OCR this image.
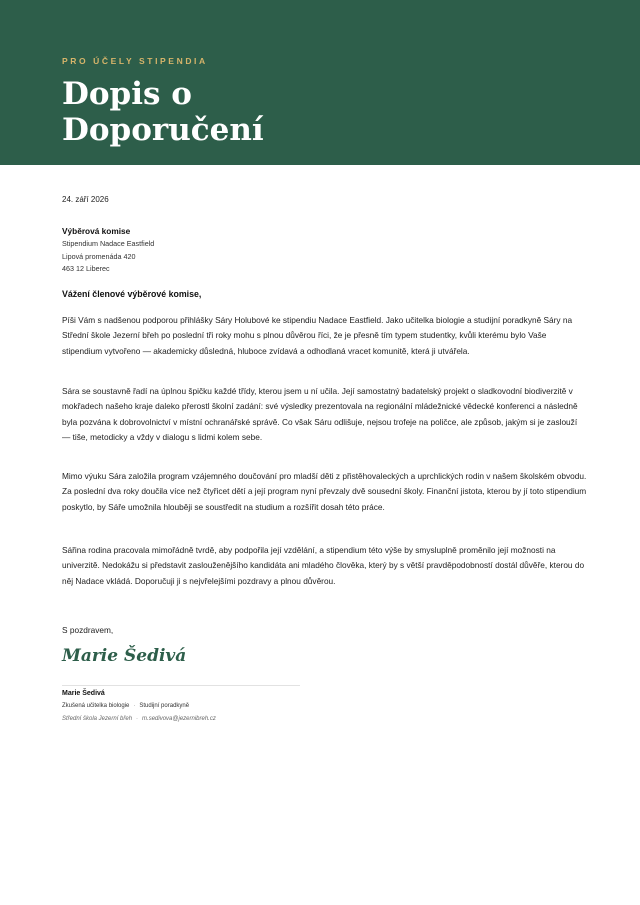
PRO ÚČELY STIPENDIA
Dopis o
Doporučení
24. září 2026
Výběrová komise
Stipendium Nadace Eastfield
Lipová promenáda 420
463 12 Liberec
Vážení členové výběrové komise,

Píši Vám s nadšenou podporou přihlášky Sáry Holubové ke stipendiu Nadace Eastfield. Jako učitelka biologie a studijní poradkyně Sáry na Střední škole Jezerní břeh po poslední tři roky mohu s plnou důvěrou říci, že je přesně tím typem studentky, kvůli kterému bylo Vaše stipendium vytvořeno — akademicky důsledná, hluboce zvídavá a odhodlaná vracet komunitě, která ji utvářela.

Sára se soustavně řadí na úplnou špičku každé třídy, kterou jsem u ní učila. Její samostatný badatelský projekt o sladkovodní biodiverzitě v mokřadech našeho kraje daleko přerostl školní zadání: své výsledky prezentovala na regionální mládežnické vědecké konferenci a následně byla pozvána k dobrovolnictví v místní ochranářské správě. Co však Sáru odlišuje, nejsou trofeje na poličce, ale způsob, jakým si je zaslouží — tiše, metodicky a vždy v dialogu s lidmi kolem sebe.

Mimo výuku Sára založila program vzájemného doučování pro mladší děti z přistěhovaleckých a uprchlických rodin v našem školském obvodu. Za poslední dva roky doučila více než čtyřicet dětí a její program nyní převzaly dvě sousední školy. Finanční jistota, kterou by jí toto stipendium poskytlo, by Sáře umožnila hlouběji se soustředit na studium a rozšířit dosah této práce.

Sářina rodina pracovala mimořádně tvrdě, aby podpořila její vzdělání, a stipendium této výše by smysluplně proměnilo její možnosti na univerzitě. Nedokážu si představit zaslouženějšího kandidáta ani mladého člověka, který by s větší pravděpodobností dostál důvěře, kterou do něj Nadace vkládá. Doporučuji ji s nejvřelejšími pozdravy a plnou důvěrou.

S pozdravem,
Marie Šedivá
Marie Šedivá
Zkušená učitelka biologie · Studijní poradkyně
Střední škola Jezerní břeh · m.sedivova@jezernibreh.cz
